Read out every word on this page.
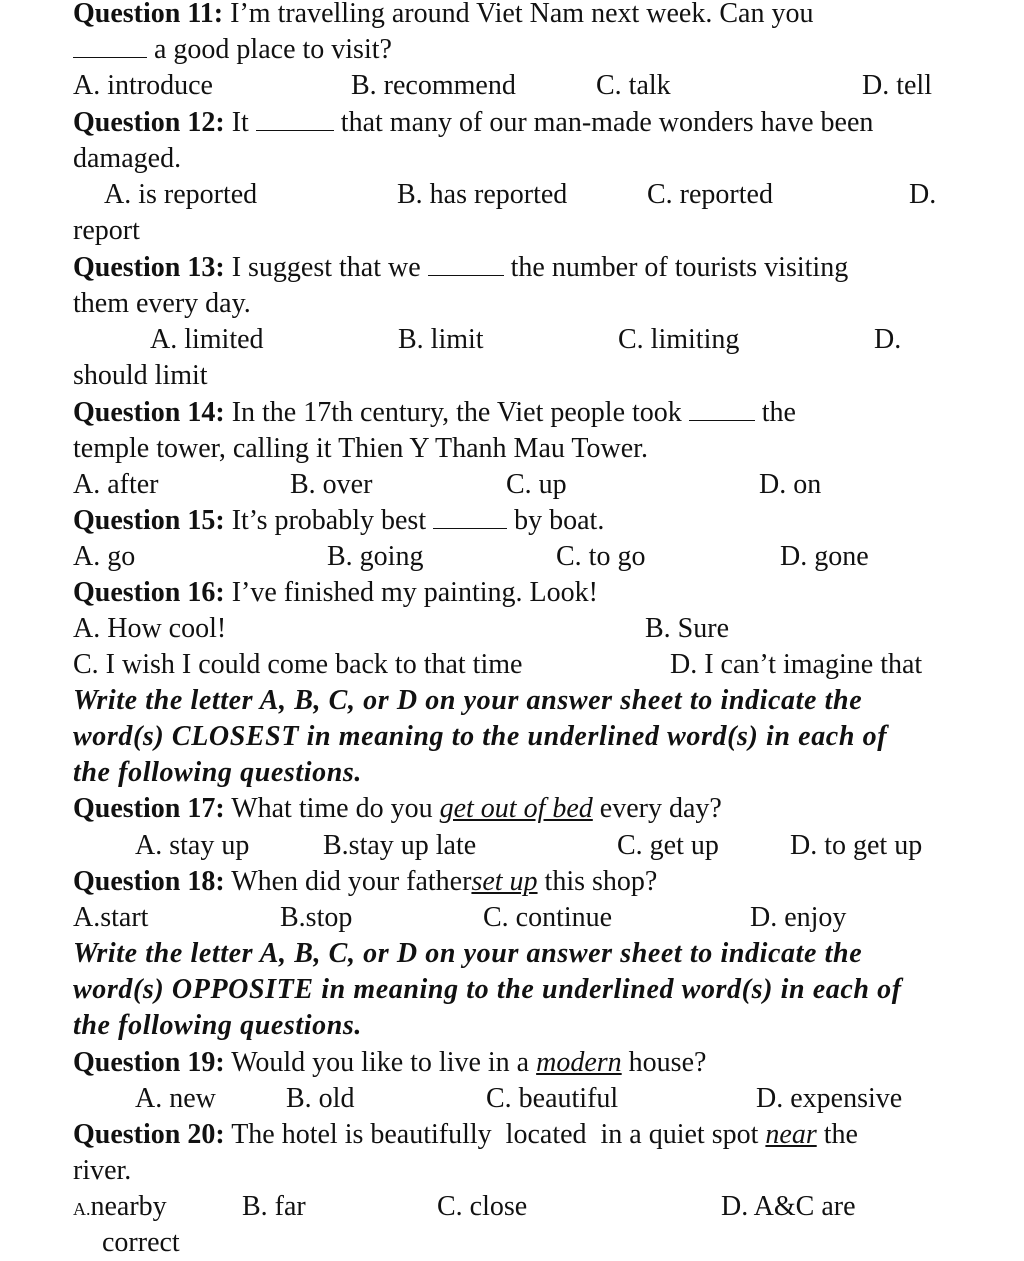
Question 11: I’m travelling around Viet Nam next week. Can you
a good place to visit?
A. introduce	B. recommend	C. talk	D. tell
Question 12: It	that many of our man-made wonders have been
damaged.
A. is reported	B. has reported	C. reported	D.
report
Question 13: I suggest that we	the number of tourists visiting
them every day.
A. limited	B. limit	C. limiting	D.
should limit
Question 14: In the 17th century, the Viet people took	the
temple tower, calling it Thien Y Thanh Mau Tower.
A. after	B. over	C. up	D. on
Question 15: It’s probably best	by boat.
A. go	B. going	C. to go	D. gone
Question 16: I’ve finished my painting. Look!
A. How cool!	B. Sure
C. I wish I could come back to that time	D. I can’t imagine that
Write the letter A, B, C, or D on your answer sheet to indicate the
word(s) CLOSEST in meaning to the underlined word(s) in each of
the following questions.
Question 17: What time do you get out of bed every day?
A. stay up	B.stay up late	C. get up	D. to get up
Question 18: When did your fatherset up this shop?
A.start	B.stop	C. continue	D. enjoy
Write the letter A, B, C, or D on your answer sheet to indicate the
word(s) OPPOSITE in meaning to the underlined word(s) in each of
the following questions.
Question 19: Would you like to live in a modern house?
A. new	B. old	C. beautiful	D. expensive
Question 20: The hotel is beautifully  located  in a quiet spot near the
river.
A.nearby	B. far	C. close	D. A&C are
correct
